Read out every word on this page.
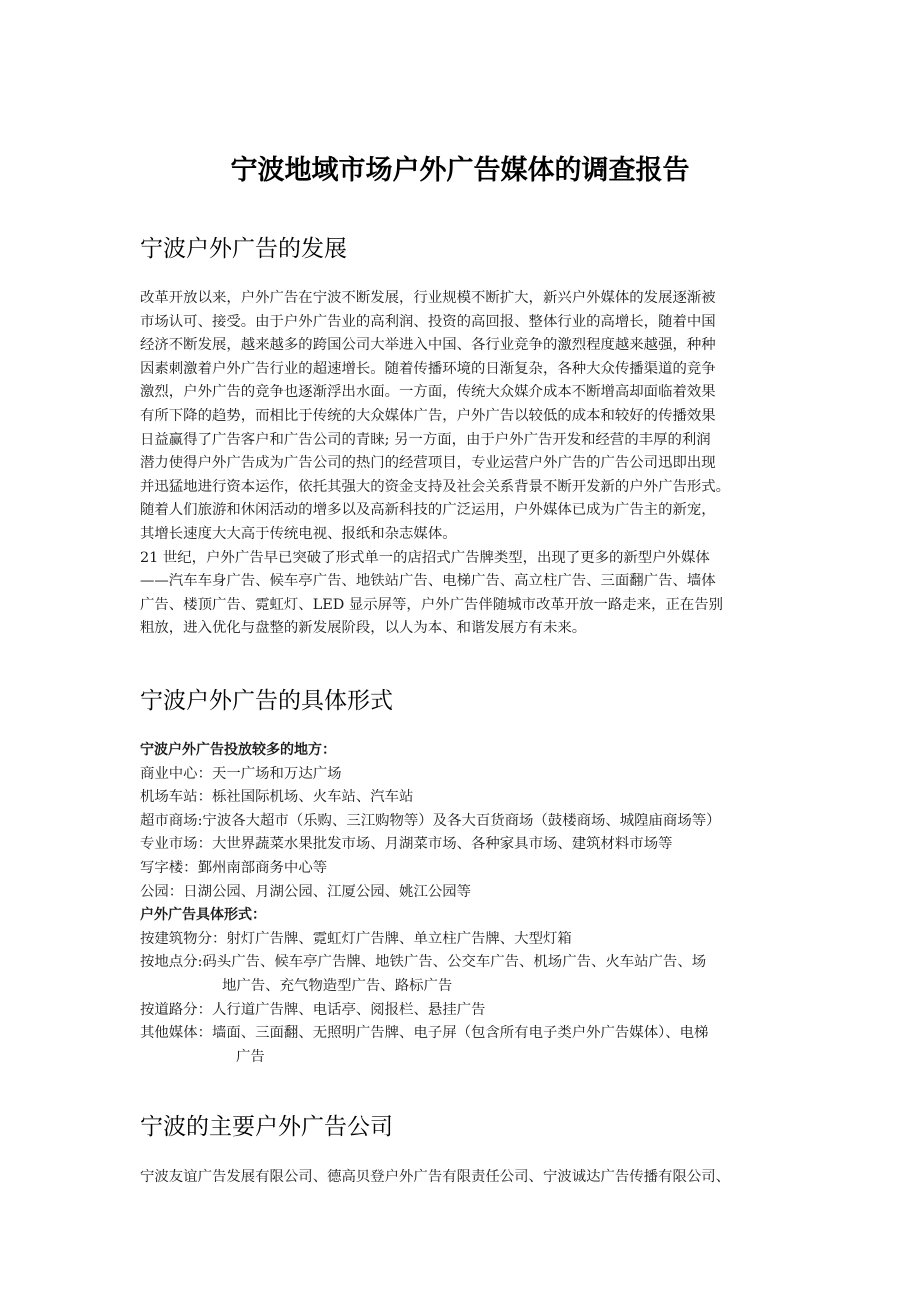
宁波地域市场户外广告媒体的调查报告
宁波户外广告的发展
改革开放以来，户外广告在宁波不断发展，行业规模不断扩大，新兴户外媒体的发展逐渐被
市场认可、接受。由于户外广告业的高利润、投资的高回报、整体行业的高增长，随着中国
经济不断发展，越来越多的跨国公司大举进入中国、各行业竞争的激烈程度越来越强，种种
因素刺激着户外广告行业的超速增长。随着传播环境的日渐复杂，各种大众传播渠道的竞争
激烈，户外广告的竞争也逐渐浮出水面。一方面，传统大众媒介成本不断增高却面临着效果
有所下降的趋势，而相比于传统的大众媒体广告，户外广告以较低的成本和较好的传播效果
日益赢得了广告客户和广告公司的青睐; 另一方面，由于户外广告开发和经营的丰厚的利润
潜力使得户外广告成为广告公司的热门的经营项目，专业运营户外广告的广告公司迅即出现
并迅猛地进行资本运作，依托其强大的资金支持及社会关系背景不断开发新的户外广告形式。
随着人们旅游和休闲活动的增多以及高新科技的广泛运用，户外媒体已成为广告主的新宠，
其增长速度大大高于传统电视、报纸和杂志媒体。
21 世纪，户外广告早已突破了形式单一的店招式广告牌类型，出现了更多的新型户外媒体
——汽车车身广告、候车亭广告、地铁站广告、电梯广告、高立柱广告、三面翻广告、墙体
广告、楼顶广告、霓虹灯、LED 显示屏等，户外广告伴随城市改革开放一路走来，正在告别
粗放，进入优化与盘整的新发展阶段，以人为本、和谐发展方有未来。
宁波户外广告的具体形式
宁波户外广告投放较多的地方：
商业中心：天一广场和万达广场
机场车站：栎社国际机场、火车站、汽车站
超市商场:宁波各大超市（乐购、三江购物等）及各大百货商场（鼓楼商场、城隍庙商场等）
专业市场：大世界蔬菜水果批发市场、月湖菜市场、各种家具市场、建筑材料市场等
写字楼：鄞州南部商务中心等
公园：日湖公园、月湖公园、江厦公园、姚江公园等
户外广告具体形式：
按建筑物分：射灯广告牌、霓虹灯广告牌、单立柱广告牌、大型灯箱
按地点分:码头广告、候车亭广告牌、地铁广告、公交车广告、机场广告、火车站广告、场
地广告、充气物造型广告、路标广告
按道路分：人行道广告牌、电话亭、阅报栏、悬挂广告
其他媒体：墙面、三面翻、无照明广告牌、电子屏（包含所有电子类户外广告媒体）、电梯
广告
宁波的主要户外广告公司
宁波友谊广告发展有限公司、德高贝登户外广告有限责任公司、宁波诚达广告传播有限公司、
